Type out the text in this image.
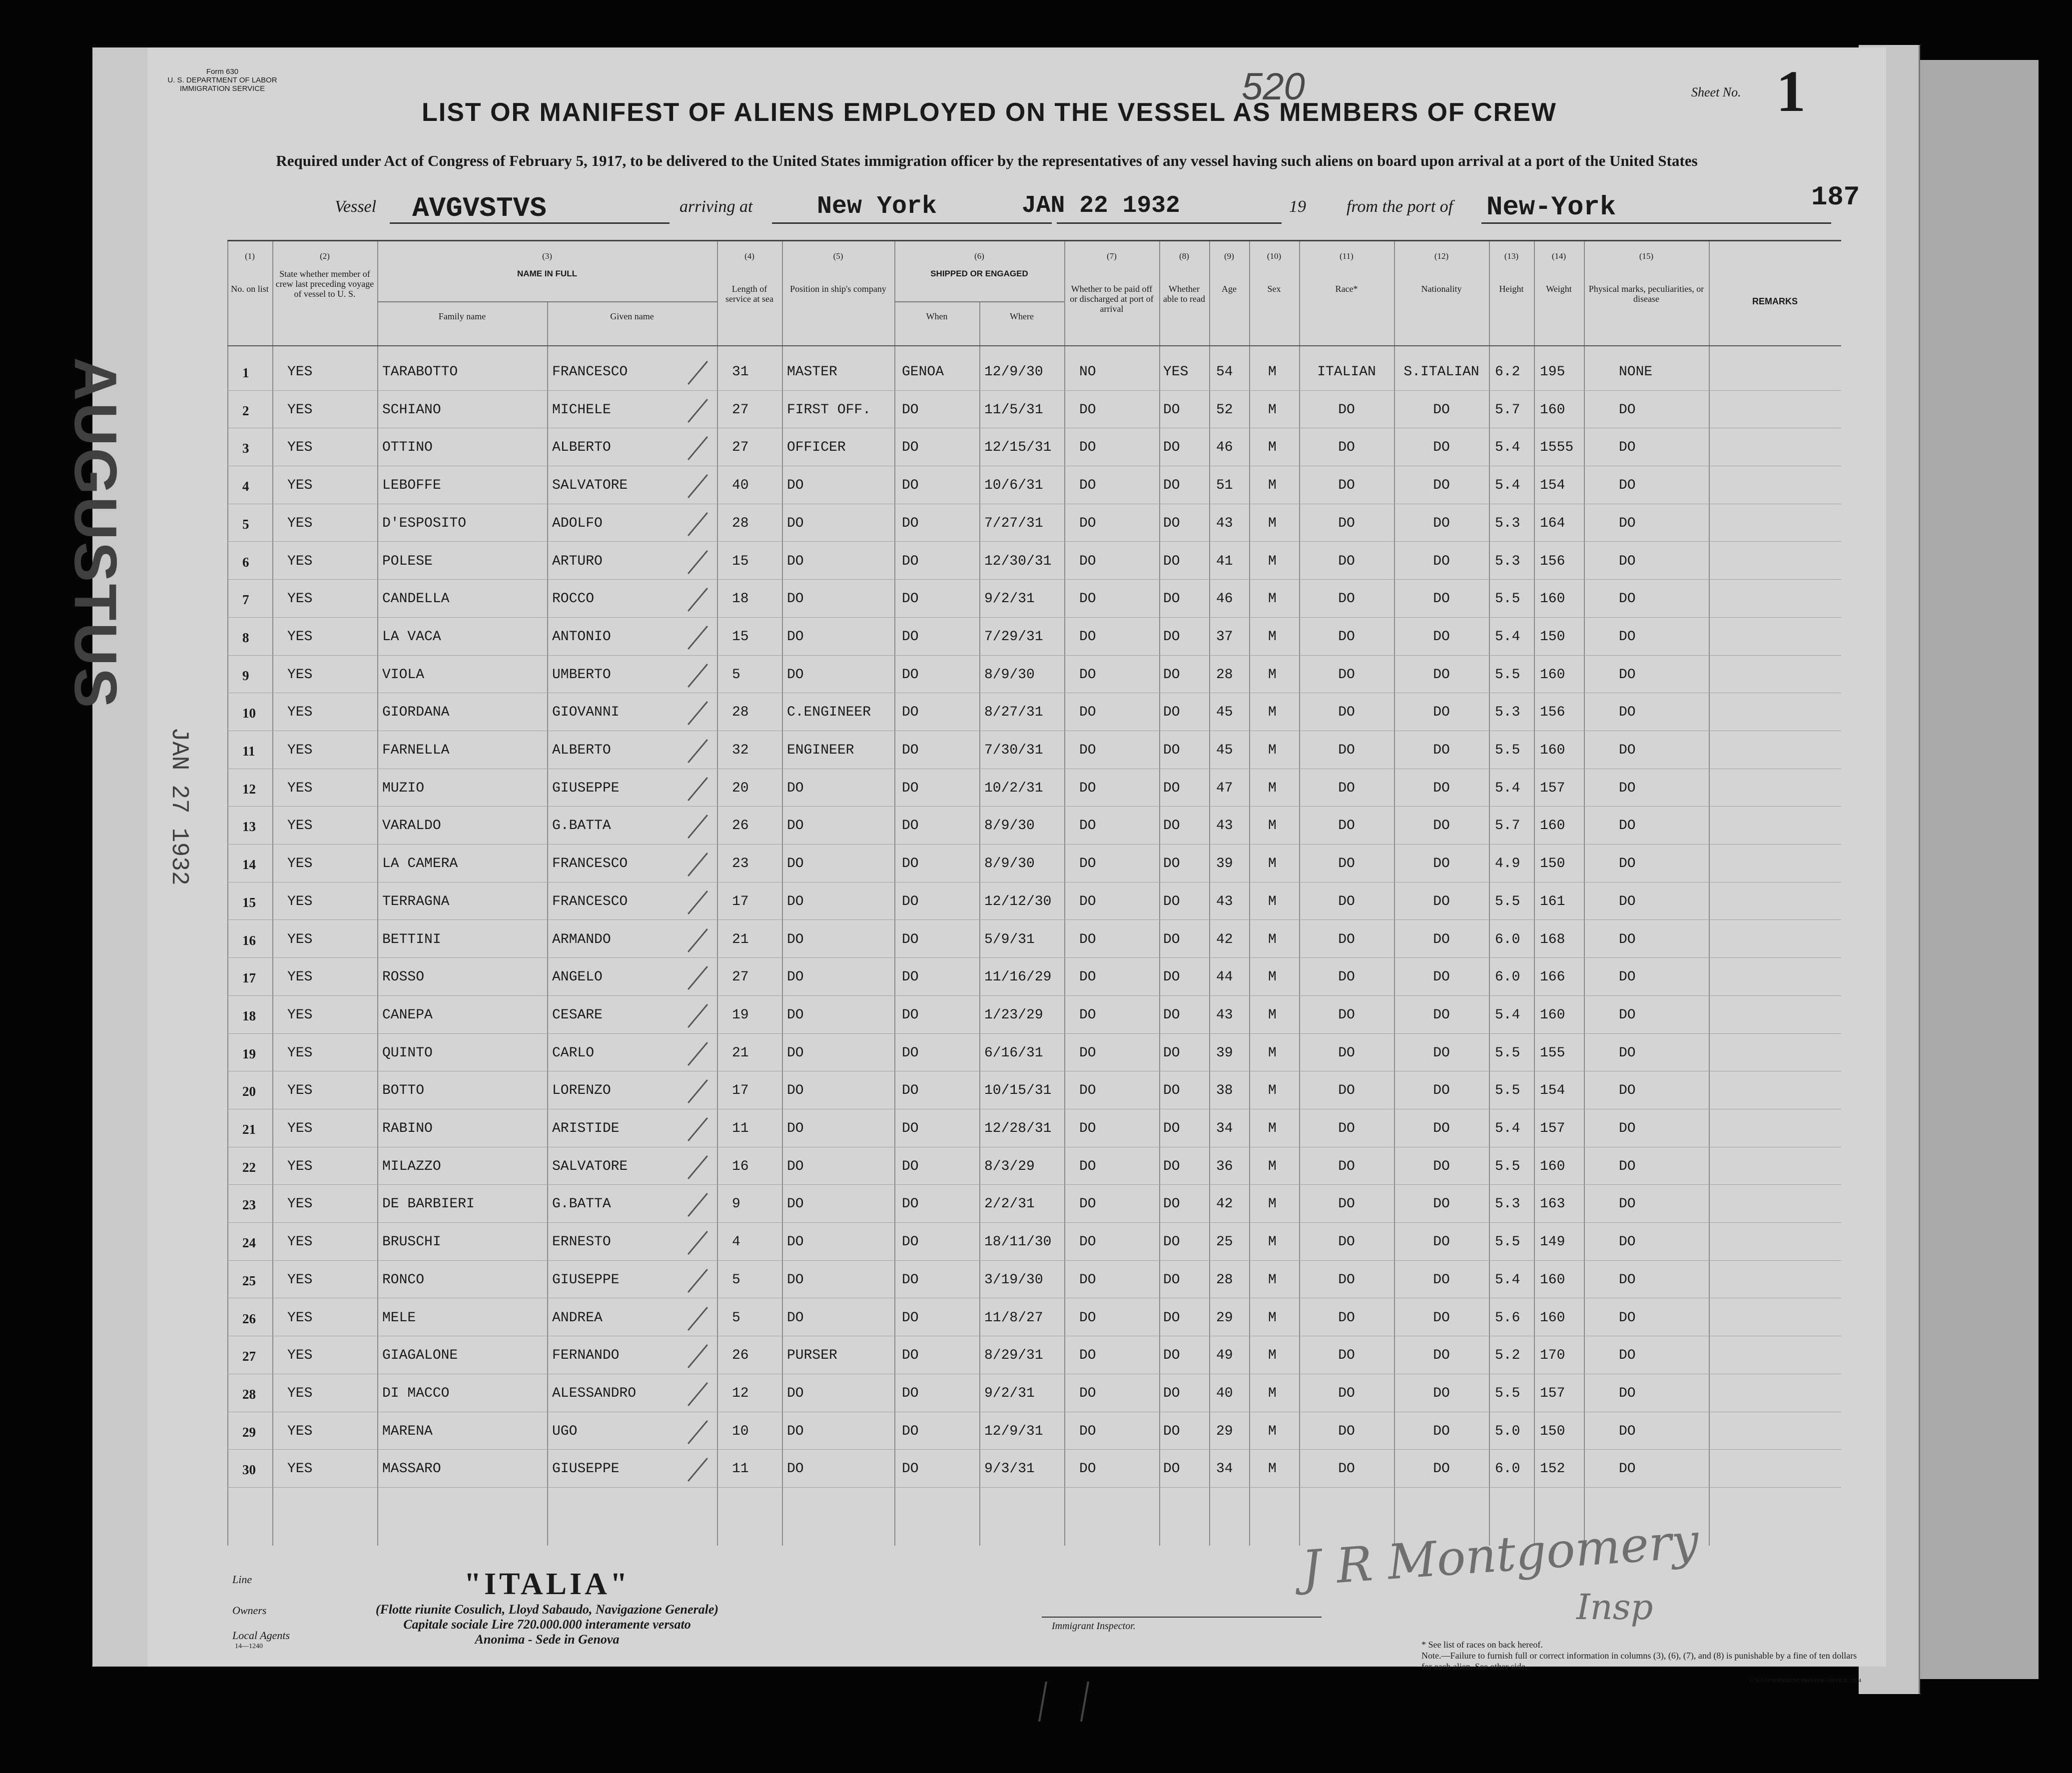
Form 630
U. S. DEPARTMENT OF LABOR
IMMIGRATION SERVICE	520	Sheet No. 1
LIST OR MANIFEST OF ALIENS EMPLOYED ON THE VESSEL AS MEMBERS OF CREW
Required under Act of Congress of February 5, 1917, to be delivered to the United States immigration officer by the representatives of any vessel having such aliens on board upon arrival at a port of the United States
Vessel AVGVSTVS	arriving at	New York	JAN 22 1932	19 from the port of New-York	187
AUGUSTUS
JAN 27 1932
(1)
No. on list
(2)
State whether member of crew last preceding voyage of vessel to U. S.
(3)
NAME IN FULL
Family name	Given name
(4)
Length of service at sea
(5)
Position in ship's company
(6)
SHIPPED OR ENGAGED
When	Where
(7)
Whether to be paid off or discharged at port of arrival
(8)
Whether able to read
(9)
Age
(10)
Sex
(11)
Race*
(12)
Nationality
(13)
Height
(14)
Weight
(15)
Physical marks, peculiarities, or disease	REMARKS
1	YES	TARABOTTO	FRANCESCO	31	MASTER	GENOA	12/9/30	NO	YES 54	M	ITALIAN	S.ITALIAN	6.2 195	NONE
2	YES	SCHIANO	MICHELE	27	FIRST OFF. DO	11/5/31	DO	DO	52	M	DO	DO	5.7 160	DO
3	YES	OTTINO	ALBERTO	27	OFFICER	DO	12/15/31 DO	DO	46	M	DO	DO	5.4 1555	DO
4	YES	LEBOFFE	SALVATORE	40	DO	DO	10/6/31	DO	DO	51	M	DO	DO	5.4 154	DO
5	YES	D'ESPOSITO	ADOLFO	28	DO	DO	7/27/31	DO	DO	43	M	DO	DO	5.3 164	DO
6	YES	POLESE	ARTURO	15	DO	DO	12/30/31 DO	DO	41	M	DO	DO	5.3 156	DO
7	YES	CANDELLA	ROCCO	18	DO	DO	9/2/31	DO	DO	46	M	DO	DO	5.5 160	DO
8	YES	LA VACA	ANTONIO	15	DO	DO	7/29/31	DO	DO	37	M	DO	DO	5.4 150	DO
9	YES	VIOLA	UMBERTO	5	DO	DO	8/9/30	DO	DO	28	M	DO	DO	5.5 160	DO
10 YES	GIORDANA	GIOVANNI	28	C.ENGINEER DO	8/27/31	DO	DO	45	M	DO	DO	5.3 156	DO
11 YES	FARNELLA	ALBERTO	32	ENGINEER	DO	7/30/31	DO	DO	45	M	DO	DO	5.5 160	DO
12 YES	MUZIO	GIUSEPPE	20	DO	DO	10/2/31	DO	DO	47	M	DO	DO	5.4 157	DO
13 YES	VARALDO	G.BATTA	26	DO	DO	8/9/30	DO	DO	43	M	DO	DO	5.7 160	DO
14 YES	LA CAMERA	FRANCESCO	23	DO	DO	8/9/30	DO	DO	39	M	DO	DO	4.9 150	DO
15 YES	TERRAGNA	FRANCESCO	17	DO	DO	12/12/30 DO	DO	43	M	DO	DO	5.5 161	DO
16 YES	BETTINI	ARMANDO	21	DO	DO	5/9/31	DO	DO	42	M	DO	DO	6.0 168	DO
17 YES	ROSSO	ANGELO	27	DO	DO	11/16/29 DO	DO	44	M	DO	DO	6.0 166	DO
18 YES	CANEPA	CESARE	19	DO	DO	1/23/29	DO	DO	43	M	DO	DO	5.4 160	DO
19 YES	QUINTO	CARLO	21	DO	DO	6/16/31	DO	DO	39	M	DO	DO	5.5 155	DO
20 YES	BOTTO	LORENZO	17	DO	DO	10/15/31 DO	DO	38	M	DO	DO	5.5 154	DO
21 YES	RABINO	ARISTIDE	11	DO	DO	12/28/31 DO	DO	34	M	DO	DO	5.4 157	DO
22 YES	MILAZZO	SALVATORE	16	DO	DO	8/3/29	DO	DO	36	M	DO	DO	5.5 160	DO
23 YES	DE BARBIERI	G.BATTA	9	DO	DO	2/2/31	DO	DO	42	M	DO	DO	5.3 163	DO
24 YES	BRUSCHI	ERNESTO	4	DO	DO	18/11/30 DO	DO	25	M	DO	DO	5.5 149	DO
25 YES	RONCO	GIUSEPPE	5	DO	DO	3/19/30	DO	DO	28	M	DO	DO	5.4 160	DO
26 YES	MELE	ANDREA	5	DO	DO	11/8/27	DO	DO	29	M	DO	DO	5.6 160	DO
27 YES	GIAGALONE	FERNANDO	26	PURSER	DO	8/29/31	DO	DO	49	M	DO	DO	5.2 170	DO
28 YES	DI MACCO	ALESSANDRO	12	DO	DO	9/2/31	DO	DO	40	M	DO	DO	5.5 157	DO
29 YES	MARENA	UGO	10	DO	DO	12/9/31	DO	DO	29	M	DO	DO	5.0 150	DO
30 YES	MASSARO	GIUSEPPE	11	DO	DO	9/3/31	DO	DO	34	M	DO	DO	6.0 152	DO
Line
Owners
Local Agents
14—1240
"ITALIA"
(Flotte riunite Cosulich, Lloyd Sabaudo, Navigazione Generale)
Capitale sociale Lire 720.000.000 interamente versato
Anonima - Sede in Genova
Immigrant Inspector.
J R Montgomery
Insp
* See list of races on back hereof.
Note.—Failure to furnish full or correct information in columns (3), (6), (7), and (8) is punishable by a fine of ten dollars for each alien. See other side.
U. S. GOVERNMENT PRINTING OFFICE: 1924
